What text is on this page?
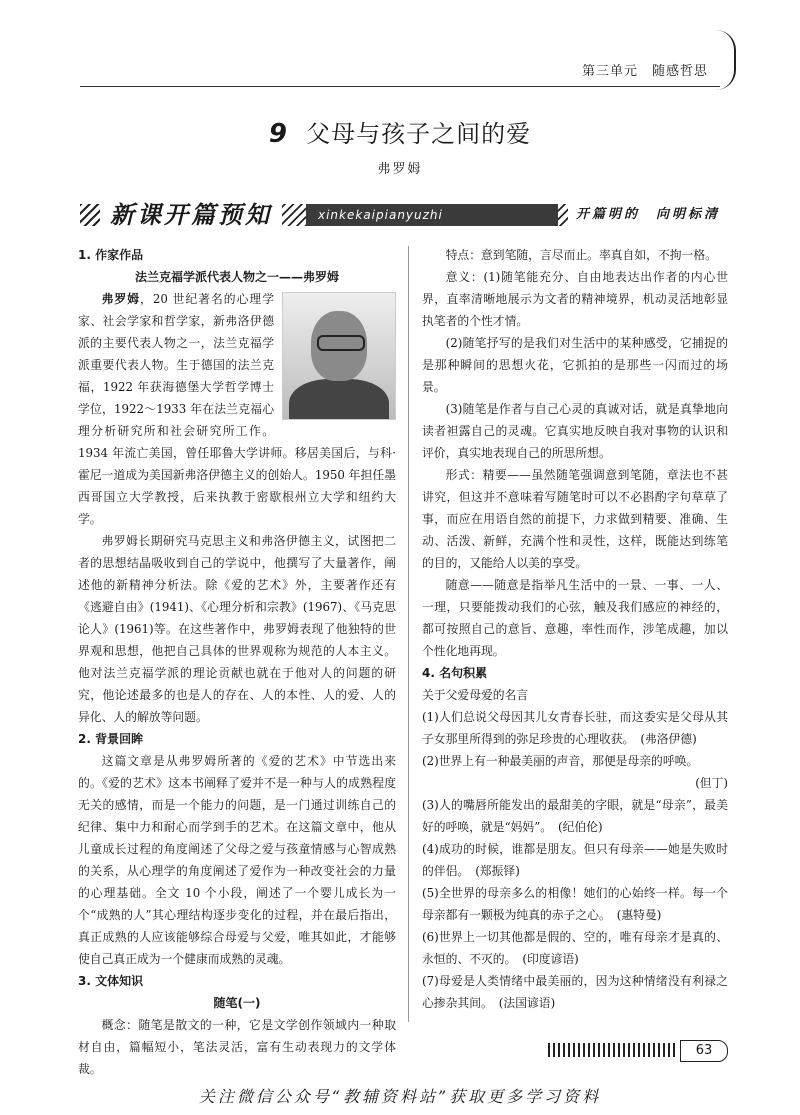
第三单元　随感哲思
9 父母与孩子之间的爱
弗罗姆
新课开篇预知	xinkekaipianyuzhi	开篇明的　向明标清
1. 作家作品
法兰克福学派代表人物之一——弗罗姆

弗罗姆，20 世纪著名的心理学家、社会学家和哲学家，新弗洛伊德派的主要代表人物之一，法兰克福学派重要代表人物。生于德国的法兰克福，1922 年获海德堡大学哲学博士学位，1922～1933 年在法兰克福心理分析研究所和社会研究所工作。1934 年流亡美国，曾任耶鲁大学讲师。移居美国后，与科·霍尼一道成为美国新弗洛伊德主义的创始人。1950 年担任墨西哥国立大学教授，后来执教于密歇根州立大学和纽约大学。

弗罗姆长期研究马克思主义和弗洛伊德主义，试图把二者的思想结晶吸收到自己的学说中，他撰写了大量著作，阐述他的新精神分析法。除《爱的艺术》外，主要著作还有《逃避自由》(1941)、《心理分析和宗教》(1967)、《马克思论人》(1961)等。在这些著作中，弗罗姆表现了他独特的世界观和思想，他把自己具体的世界观称为规范的人本主义。他对法兰克福学派的理论贡献也就在于他对人的问题的研究，他论述最多的也是人的存在、人的本性、人的爱、人的异化、人的解放等问题。

2. 背景回眸

这篇文章是从弗罗姆所著的《爱的艺术》中节选出来的。《爱的艺术》这本书阐释了爱并不是一种与人的成熟程度无关的感情，而是一个能力的问题，是一门通过训练自己的纪律、集中力和耐心而学到手的艺术。在这篇文章中，他从儿童成长过程的角度阐述了父母之爱与孩童情感与心智成熟的关系，从心理学的角度阐述了爱作为一种改变社会的力量的心理基础。全文 10 个小段，阐述了一个婴儿成长为一个“成熟的人”其心理结构逐步变化的过程，并在最后指出，真正成熟的人应该能够综合母爱与父爱，唯其如此，才能够使自己真正成为一个健康而成熟的灵魂。

3. 文体知识
随笔(一)

概念：随笔是散文的一种，它是文学创作领域内一种取材自由，篇幅短小，笔法灵活，富有生动表现力的文学体裁。

特点：意到笔随，言尽而止。率真自如，不拘一格。

意义：(1)随笔能充分、自由地表达出作者的内心世界，直率清晰地展示为文者的精神境界，机动灵活地彰显执笔者的个性才情。

(2)随笔抒写的是我们对生活中的某种感受，它捕捉的是那种瞬间的思想火花，它抓拍的是那些一闪而过的场景。

(3)随笔是作者与自己心灵的真诚对话，就是真挚地向读者袒露自己的灵魂。它真实地反映自我对事物的认识和评价，真实地表现自己的所思所想。

形式：精要——虽然随笔强调意到笔随，章法也不甚讲究，但这并不意味着写随笔时可以不必斟酌字句草草了事，而应在用语自然的前提下，力求做到精要、准确、生动、活泼、新鲜，充满个性和灵性，这样，既能达到练笔的目的，又能给人以美的享受。

随意——随意是指举凡生活中的一景、一事、一人、一理，只要能拨动我们的心弦，触及我们感应的神经的，都可按照自己的意旨、意趣，率性而作，涉笔成趣，加以个性化地再现。

4. 名句积累

关于父爱母爱的名言

(1)人们总说父母因其儿女青春长驻，而这委实是父母从其子女那里所得到的弥足珍贵的心理收获。 (弗洛伊德)

(2)世界上有一种最美丽的声音，那便是母亲的呼唤。

(但丁)

(3)人的嘴唇所能发出的最甜美的字眼，就是“母亲”，最美好的呼唤，就是“妈妈”。 (纪伯伦)

(4)成功的时候，谁都是朋友。但只有母亲——她是失败时的伴侣。 (郑振铎)

(5)全世界的母亲多么的相像！她们的心始终一样。每一个母亲都有一颗极为纯真的赤子之心。 (惠特曼)

(6)世界上一切其他都是假的、空的，唯有母亲才是真的、永恒的、不灭的。 (印度谚语)

(7)母爱是人类情绪中最美丽的，因为这种情绪没有利禄之心掺杂其间。 (法国谚语)

63
关注微信公众号“教辅资料站”获取更多学习资料
